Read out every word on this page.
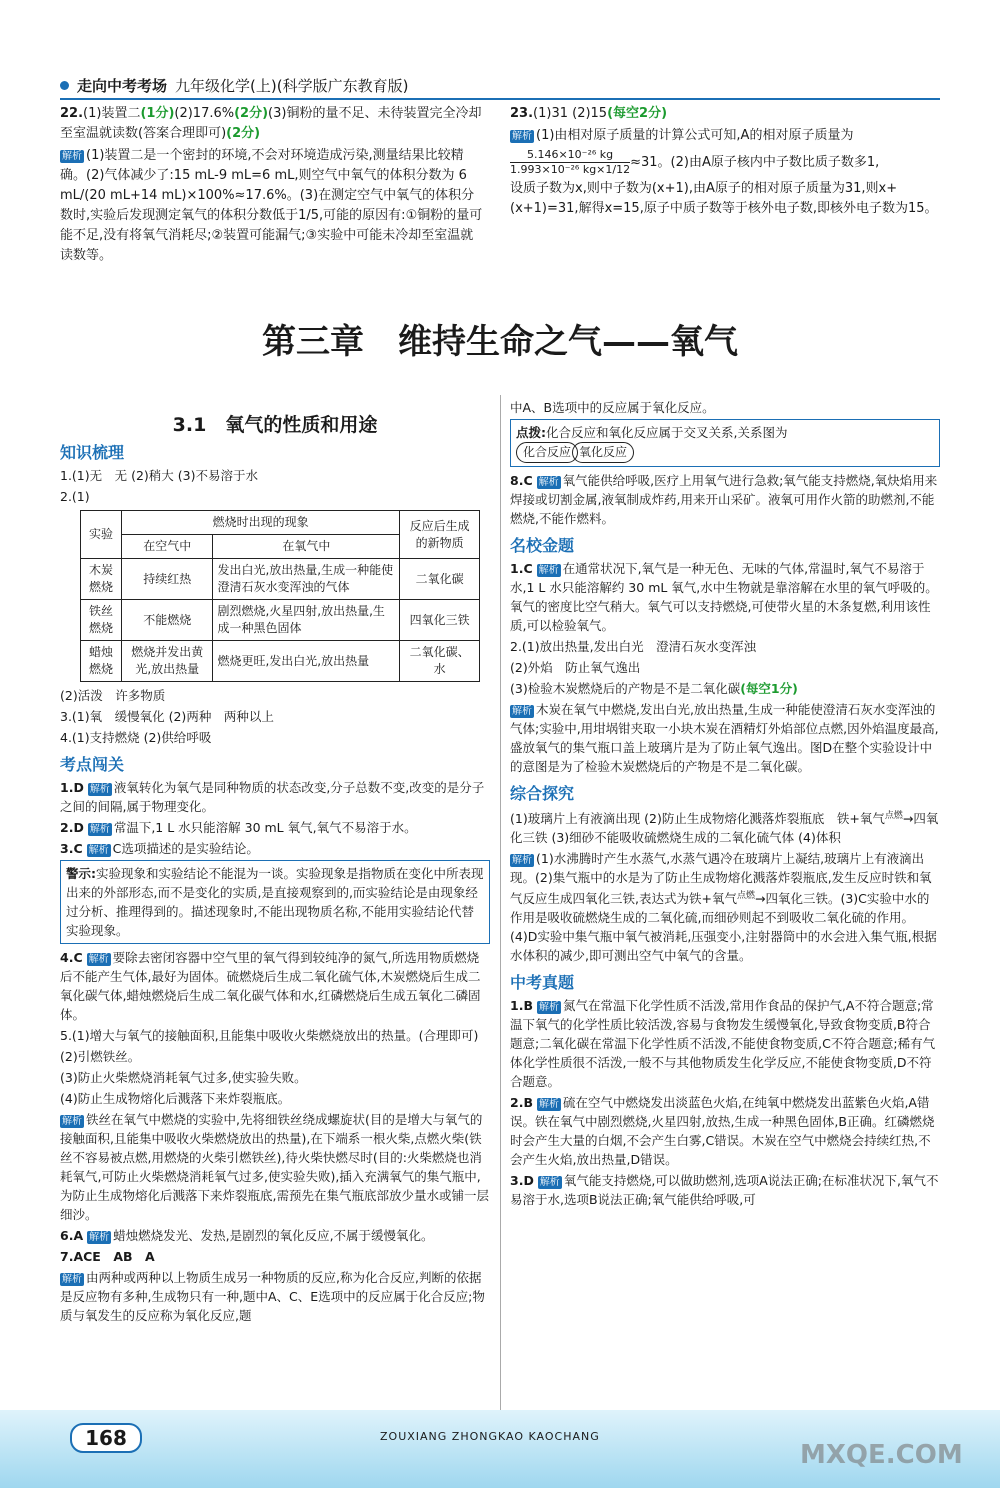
走向中考考场 九年级化学(上)(科学版广东教育版)

22.(1)装置二(1分)(2)17.6%(2分)(3)铜粉的量不足、未待装置完全冷却至室温就读数(答案合理即可)(2分)

解析 (1)装置二是一个密封的环境,不会对环境造成污染,测量结果比较精确。(2)气体减少了:15 mL-9 mL=6 mL,则空气中氧气的体积分数为 6 mL/(20 mL+14 mL)×100%≈17.6%。(3)在测定空气中氧气的体积分数时,实验后发现测定氧气的体积分数低于1/5,可能的原因有:①铜粉的量可能不足,没有将氧气消耗尽;②装置可能漏气;③实验中可能未冷却至室温就读数等。

23.(1)31 (2)15(每空2分)

解析 (1)由相对原子质量的计算公式可知,A的相对原子质量为

$\frac{\text{5.146×10⁻²⁶ kg}}{\text{1.993×10⁻²⁶ kg×1/12}}\approx 31$。(2)由A原子核内中子数比质子数多1,

设质子数为x,则中子数为(x+1),由A原子的相对原子质量为31,则x+(x+1)=31,解得x=15,原子中质子数等于核外电子数,即核外电子数为15。

第三章　维持生命之气——氧气
3.1　氧气的性质和用途
知识梳理

1.(1)无　无 (2)稍大 (3)不易溶于水

2.(1)

实验	燃烧时出现的现象		反应后生成的新物质
	在空气中	在氧气中	
木炭燃烧	持续红热	发出白光,放出热量,生成一种能使澄清石灰水变浑浊的气体	二氧化碳
铁丝燃烧	不能燃烧	剧烈燃烧,火星四射,放出热量,生成一种黑色固体	四氧化三铁
蜡烛燃烧	燃烧并发出黄光,放出热量	燃烧更旺,发出白光,放出热量	二氧化碳、水

(2)活泼　许多物质

3.(1)氧　缓慢氧化 (2)两种　两种以上

4.(1)支持燃烧 (2)供给呼吸

考点闯关

1.D 解析 液氧转化为氧气是同种物质的状态改变,分子总数不变,改变的是分子之间的间隔,属于物理变化。

2.D 解析 常温下,1 L 水只能溶解 30 mL 氧气,氧气不易溶于水。

3.C 解析 C选项描述的是实验结论。

警示:实验现象和实验结论不能混为一谈。实验现象是指物质在变化中所表现出来的外部形态,而不是变化的实质,是直接观察到的,而实验结论是由现象经过分析、推理得到的。描述现象时,不能出现物质名称,不能用实验结论代替实验现象。

4.C 解析 要除去密闭容器中空气里的氧气得到较纯净的氮气,所选用物质燃烧后不能产生气体,最好为固体。硫燃烧后生成二氧化硫气体,木炭燃烧后生成二氧化碳气体,蜡烛燃烧后生成二氧化碳气体和水,红磷燃烧后生成五氧化二磷固体。

5.(1)增大与氧气的接触面积,且能集中吸收火柴燃烧放出的热量。(合理即可)

(2)引燃铁丝。

(3)防止火柴燃烧消耗氧气过多,使实验失败。

(4)防止生成物熔化后溅落下来炸裂瓶底。

解析 铁丝在氧气中燃烧的实验中,先将细铁丝绕成螺旋状(目的是增大与氧气的接触面积,且能集中吸收火柴燃烧放出的热量),在下端系一根火柴,点燃火柴(铁丝不容易被点燃,用燃烧的火柴引燃铁丝),待火柴快燃尽时(目的:火柴燃烧也消耗氧气,可防止火柴燃烧消耗氧气过多,使实验失败),插入充满氧气的集气瓶中,为防止生成物熔化后溅落下来炸裂瓶底,需预先在集气瓶底部放少量水或铺一层细沙。

6.A 解析 蜡烛燃烧发光、发热,是剧烈的氧化反应,不属于缓慢氧化。

7.ACE　AB　A

解析 由两种或两种以上物质生成另一种物质的反应,称为化合反应,判断的依据是反应物有多种,生成物只有一种,题中A、C、E选项中的反应属于化合反应;物质与氧发生的反应称为氧化反应,题

中A、B选项中的反应属于氧化反应。

点拨:化合反应和氧化反应属于交叉关系,关系图为
化合反应 氧化反应

8.C 解析 氧气能供给呼吸,医疗上用氧气进行急救;氧气能支持燃烧,氧炔焰用来焊接或切割金属,液氧制成炸药,用来开山采矿。液氧可用作火箭的助燃剂,不能燃烧,不能作燃料。

名校金题

1.C 解析 在通常状况下,氧气是一种无色、无味的气体,常温时,氧气不易溶于水,1 L 水只能溶解约 30 mL 氧气,水中生物就是靠溶解在水里的氧气呼吸的。氧气的密度比空气稍大。氧气可以支持燃烧,可使带火星的木条复燃,利用该性质,可以检验氧气。

2.(1)放出热量,发出白光　澄清石灰水变浑浊

(2)外焰　防止氧气逸出

(3)检验木炭燃烧后的产物是不是二氧化碳(每空1分)

解析 木炭在氧气中燃烧,发出白光,放出热量,生成一种能使澄清石灰水变浑浊的气体;实验中,用坩埚钳夹取一小块木炭在酒精灯外焰部位点燃,因外焰温度最高,盛放氧气的集气瓶口盖上玻璃片是为了防止氧气逸出。图D在整个实验设计中的意图是为了检验木炭燃烧后的产物是不是二氧化碳。

综合探究

(1)玻璃片上有液滴出现 (2)防止生成物熔化溅落炸裂瓶底　铁+氧气$^{点燃}$→四氧化三铁 (3)细砂不能吸收硫燃烧生成的二氧化硫气体 (4)体积

解析 (1)水沸腾时产生水蒸气,水蒸气遇冷在玻璃片上凝结,玻璃片上有液滴出现。(2)集气瓶中的水是为了防止生成物熔化溅落炸裂瓶底,发生反应时铁和氧气反应生成四氧化三铁,表达式为铁+氧气$^{点燃}$→四氧化三铁。(3)C实验中水的作用是吸收硫燃烧生成的二氧化硫,而细砂则起不到吸收二氧化硫的作用。(4)D实验中集气瓶中氧气被消耗,压强变小,注射器筒中的水会进入集气瓶,根据水体积的减少,即可测出空气中氧气的含量。

中考真题

1.B 解析 氮气在常温下化学性质不活泼,常用作食品的保护气,A不符合题意;常温下氧气的化学性质比较活泼,容易与食物发生缓慢氧化,导致食物变质,B符合题意;二氧化碳在常温下化学性质不活泼,不能使食物变质,C不符合题意;稀有气体化学性质很不活泼,一般不与其他物质发生化学反应,不能使食物变质,D不符合题意。

2.B 解析 硫在空气中燃烧发出淡蓝色火焰,在纯氧中燃烧发出蓝紫色火焰,A错误。铁在氧气中剧烈燃烧,火星四射,放热,生成一种黑色固体,B正确。红磷燃烧时会产生大量的白烟,不会产生白雾,C错误。木炭在空气中燃烧会持续红热,不会产生火焰,放出热量,D错误。

3.D 解析 氧气能支持燃烧,可以做助燃剂,选项A说法正确;在标准状况下,氧气不易溶于水,选项B说法正确;氧气能供给呼吸,可

168	ZOUXIANG ZHONGKAO KAOCHANG
MXQE.COM
